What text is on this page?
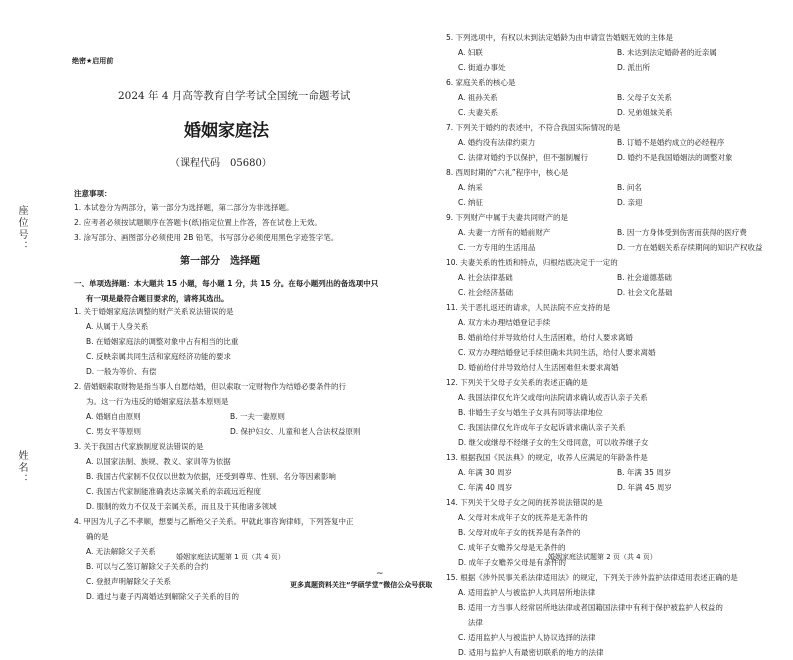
座位号：
姓名：
绝密★启用前
2024 年 4 月高等教育自学考试全国统一命题考试
婚姻家庭法
（课程代码　05680）
注意事项：
1. 本试卷分为两部分，第一部分为选择题，第二部分为非选择题。
2. 应考者必须按试题顺序在答题卡(纸)指定位置上作答，答在试卷上无效。
3. 涂写部分、画图部分必须使用 2B 铅笔，书写部分必须使用黑色字迹签字笔。
第一部分　选择题
一、单项选择题：本大题共 15 小题，每小题 1 分，共 15 分。在每小题列出的备选项中只
有一项是最符合题目要求的，请将其选出。
1. 关于婚姻家庭法调整的财产关系说法错误的是
A. 从属于人身关系
B. 在婚姻家庭法的调整对象中占有相当的比重
C. 反映亲属共同生活和家庭经济功能的要求
D. 一般为等价、有偿
2. 借婚姻索取财物是指当事人自愿结婚，但以索取一定财物作为结婚必要条件的行
为。这一行为违反的婚姻家庭法基本原则是
A. 婚姻自由原则	B. 一夫一妻原则
C. 男女平等原则	D. 保护妇女、儿童和老人合法权益原则
3. 关于我国古代家族制度说法错误的是
A. 以国家法制、族规、教义、家训等为依据
B. 我国古代家制不仅仅以世数为依据，还受到尊卑、性别、名分等因素影响
C. 我国古代家制能准确表达亲属关系的亲疏远近程度
D. 服制的效力不仅及于亲属关系，而且及于其他诸多领域
4. 甲因为儿子乙不孝顺，想要与乙断绝父子关系。甲就此事咨询律师，下列答复中正
确的是
A. 无法解除父子关系
B. 可以与乙签订解除父子关系的合约
C. 登报声明解除父子关系
D. 通过与妻子丙离婚达到解除父子关系的目的
婚姻家庭法试题第 1 页（共 4 页）
5. 下列选项中，有权以未到法定婚龄为由申请宣告婚姻无效的主体是
A. 妇联	B. 未达到法定婚龄者的近亲属
C. 街道办事处	D. 派出所
6. 家庭关系的核心是
A. 祖孙关系	B. 父母子女关系
C. 夫妻关系	D. 兄弟姐妹关系
7. 下列关于婚约的表述中，不符合我国实际情况的是
A. 婚约没有法律约束力	B. 订婚不是婚约成立的必经程序
C. 法律对婚约予以保护，但不强制履行	D. 婚约不是我国婚姻法的调整对象
8. 西周时期的“六礼”程序中，核心是
A. 纳采	B. 问名
C. 纳征	D. 亲迎
9. 下列财产中属于夫妻共同财产的是
A. 夫妻一方所有的婚前财产	B. 因一方身体受到伤害而获得的医疗费
C. 一方专用的生活用品	D. 一方在婚姻关系存续期间的知识产权收益
10. 夫妻关系的性质和特点，归根结底决定于一定的
A. 社会法律基础	B. 社会道德基础
C. 社会经济基础	D. 社会文化基础
11. 关于恶扎返还的请求，人民法院不应支持的是
A. 双方未办理结婚登记手续
B. 婚前给付并导致给付人生活困难，给付人要求离婚
C. 双方办理结婚登记手续但确未共同生活，给付人要求离婚
D. 婚前给付并导致给付人生活困难但未要求离婚
12. 下列关于父母子女关系的表述正确的是
A. 我国法律仅允许父或母向法院请求确认或否认亲子关系
B. 非婚生子女与婚生子女具有同等法律地位
C. 我国法律仅允许成年子女起诉请求确认亲子关系
D. 继父或继母不经继子女的生父母同意，可以收养继子女
13. 根据我国《民法典》的规定，收养人应满足的年龄条件是
A. 年满 30 周岁	B. 年满 35 周岁
C. 年满 40 周岁	D. 年满 45 周岁
14. 下列关于父母子女之间的抚养说法错误的是
A. 父母对未成年子女的抚养是无条件的
B. 父母对成年子女的抚养是有条件的
C. 成年子女赡养父母是无条件的
D. 成年子女赡养父母是有条件的
15. 根据《涉外民事关系法律适用法》的规定，下列关于涉外监护法律适用表述正确的是
A. 适用监护人与被监护人共同居所地法律
B. 适用一方当事人经常居所地法律或者国籍国法律中有利于保护被监护人权益的
　 法律
C. 适用监护人与被监护人协议选择的法律
D. 适用与监护人有最密切联系的地方的法律
婚姻家庭法试题第 2 页（共 4 页）
~
更多真题资料关注“学硕学堂”微信公众号获取
